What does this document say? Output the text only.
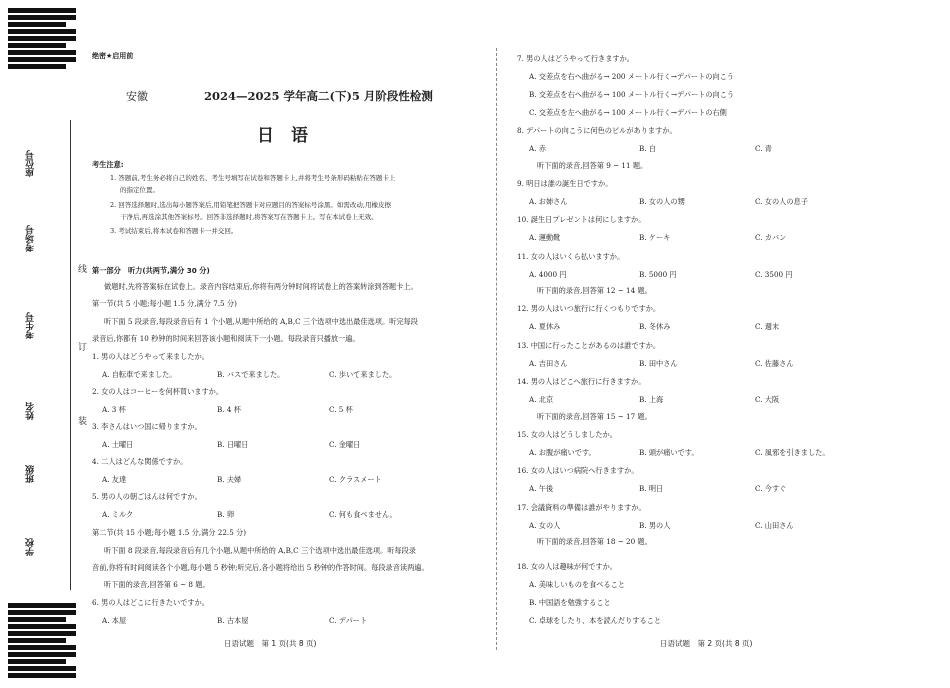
座位号
考场号
考生号
姓名
班级
学校
线
订
装
绝密★启用前
安徽	2024—2025 学年高二(下)5 月阶段性检测
日　语
考生注意:
1. 答题前,考生务必将自己的姓名、考生号填写在试卷和答题卡上,并将考生号条形码粘贴在答题卡上
的指定位置。
2. 回答选择题时,选出每小题答案后,用铅笔把答题卡对应题目的答案标号涂黑。如需改动,用橡皮擦
干净后,再选涂其他答案标号。回答非选择题时,将答案写在答题卡上。写在本试卷上无效。
3. 考试结束后,将本试卷和答题卡一并交回。
第一部分　听力(共两节,满分 30 分)
做题时,先将答案标在试卷上。录音内容结束后,你将有两分钟时间将试卷上的答案转涂到答题卡上。
第一节(共 5 小题;每小题 1.5 分,满分 7.5 分)
听下面 5 段录音,每段录音后有 1 个小题,从题中所给的 A,B,C 三个选项中选出最佳选项。听完每段
录音后,你都有 10 秒钟的时间来回答该小题和阅读下一小题。每段录音只播放一遍。
1. 男の人はどうやって来ましたか。
A. 自転車で来ました。	B. バスで来ました。	C. 歩いて来ました。
2. 女の人はコーヒーを何杯買いますか。
A. 3 杯	B. 4 杯	C. 5 杯
3. 李さんはいつ国に帰りますか。
A. 土曜日	B. 日曜日	C. 金曜日
4. 二人はどんな関係ですか。
A. 友達	B. 夫婦	C. クラスメート
5. 男の人の朝ごはんは何ですか。
A. ミルク	B. 卵	C. 何も食べません。
6. 男の人はどこに行きたいですか。
A. 本屋	B. 古本屋	C. デパート
第二节(共 15 小题;每小题 1.5 分,满分 22.5 分)
听下面 8 段录音,每段录音后有几个小题,从题中所给的 A,B,C 三个选项中选出最佳选项。听每段录
音前,你将有时间阅读各个小题,每小题 5 秒钟;听完后,各小题将给出 5 秒钟的作答时间。每段录音读两遍。
听下面的录音,回答第 6 ~ 8 题。
7. 男の人はどうやって行きますか。
A. 交差点を右へ曲がる→ 200 メートル行く→デパートの向こう
B. 交差点を右へ曲がる→ 100 メートル行く→デパートの向こう
C. 交差点を左へ曲がる→ 100 メートル行く→デパートの右側
8. デパートの向こうに何色のビルがありますか。
A. 赤	B. 白	C. 青
听下面的录音,回答第 9 ~ 11 题。
9. 明日は誰の誕生日ですか。
A. お姉さん	B. 女の人の甥	C. 女の人の息子
10. 誕生日プレゼントは何にしますか。
A. 運動靴	B. ケーキ	C. カバン
11. 女の人はいくら払いますか。
A. 4000 円	B. 5000 円	C. 3500 円
听下面的录音,回答第 12 ~ 14 题。
12. 男の人はいつ旅行に行くつもりですか。
A. 夏休み	B. 冬休み	C. 週末
13. 中国に行ったことがあるのは誰ですか。
A. 吉田さん	B. 田中さん	C. 佐藤さん
14. 男の人はどこへ旅行に行きますか。
A. 北京	B. 上海	C. 大阪
听下面的录音,回答第 15 ~ 17 题。
15. 女の人はどうしましたか。
A. お腹が痛いです。	B. 頭が痛いです。	C. 風邪を引きました。
16. 女の人はいつ病院へ行きますか。
A. 午後	B. 明日	C. 今すぐ
17. 会議資料の準備は誰がやりますか。
A. 女の人	B. 男の人	C. 山田さん
听下面的录音,回答第 18 ~ 20 题。
18. 女の人は趣味が何ですか。
A. 美味しいものを食べること
B. 中国語を勉強すること
C. 卓球をしたり、本を読んだりすること
日语试题　第 1 页(共 8 页)	日语试题　第 2 页(共 8 页)
